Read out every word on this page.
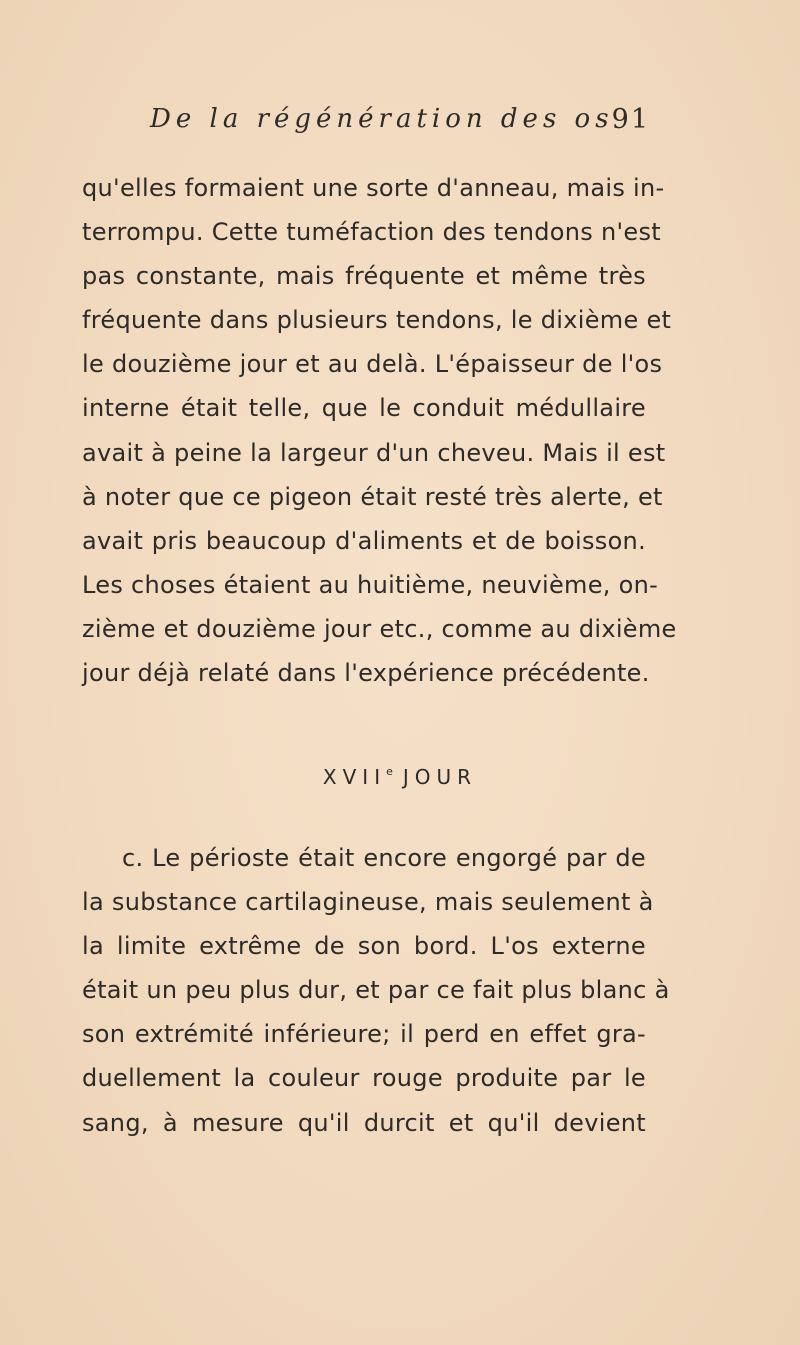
De la régénération des os
91
qu'elles formaient une sorte d'anneau, mais in-
terrompu. Cette tuméfaction des tendons n'est
pas constante, mais fréquente et même très
fréquente dans plusieurs tendons, le dixième et
le douzième jour et au delà. L'épaisseur de l'os
interne était telle, que le conduit médullaire
avait à peine la largeur d'un cheveu. Mais il est
à noter que ce pigeon était resté très alerte, et
avait pris beaucoup d'aliments et de boisson.
Les choses étaient au huitième, neuvième, on-
zième et douzième jour etc., comme au dixième
jour déjà relaté dans l'expérience précédente.
XVIIe JOUR
c. Le périoste était encore engorgé par de
la substance cartilagineuse, mais seulement à
la limite extrême de son bord. L'os externe
était un peu plus dur, et par ce fait plus blanc à
son extrémité inférieure; il perd en effet gra-
duellement la couleur rouge produite par le
sang, à mesure qu'il durcit et qu'il devient
